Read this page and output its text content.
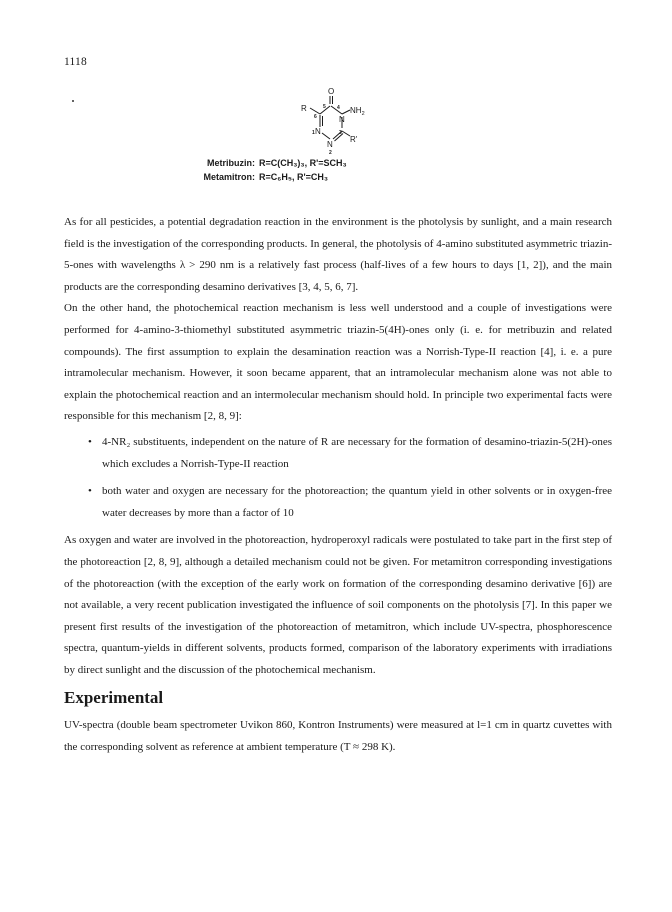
1118
O
R	5 4 $NH_2$
6	N
1 N	3
R'
N
2
Metribuzin: R=C(CH₃)₃, R'=SCH₃
Metamitron: R=C₆H₅, R'=CH₃

As for all pesticides, a potential degradation reaction in the environment is the photolysis by sunlight, and a main research field is the investigation of the corresponding products. In general, the photolysis of 4-amino substituted asymmetric triazin-5-ones with wavelengths λ > 290 nm is a relatively fast process (half-lives of a few hours to days [1, 2]), and the main products are the corresponding desamino derivatives [3, 4, 5, 6, 7].

On the other hand, the photochemical reaction mechanism is less well understood and a couple of investigations were performed for 4-amino-3-thiomethyl substituted asymmetric triazin-5(4H)-ones only (i. e. for metribuzin and related compounds). The first assumption to explain the desamination reaction was a Norrish-Type-II reaction [4], i. e. a pure intramolecular mechanism. However, it soon became apparent, that an intramolecular mechanism alone was not able to explain the photochemical reaction and an intermolecular mechanism should hold. In principle two experimental facts were responsible for this mechanism [2, 8, 9]:

• 4-NR₂ substituents, independent on the nature of R are necessary for the formation of desamino-triazin-5(2H)-ones which excludes a Norrish-Type-II reaction
• both water and oxygen are necessary for the photoreaction; the quantum yield in other solvents or in oxygen-free water decreases by more than a factor of 10

As oxygen and water are involved in the photoreaction, hydroperoxyl radicals were postulated to take part in the first step of the photoreaction [2, 8, 9], although a detailed mechanism could not be given. For metamitron corresponding investigations of the photoreaction (with the exception of the early work on formation of the corresponding desamino derivative [6]) are not available, a very recent publication investigated the influence of soil components on the photolysis [7]. In this paper we present first results of the investigation of the photoreaction of metamitron, which include UV-spectra, phosphorescence spectra, quantum-yields in different solvents, products formed, comparison of the laboratory experiments with irradiations by direct sunlight and the discussion of the photochemical mechanism.

Experimental

UV-spectra (double beam spectrometer Uvikon 860, Kontron Instruments) were measured at l=1 cm in quartz cuvettes with the corresponding solvent as reference at ambient temperature (T ≈ 298 K).
